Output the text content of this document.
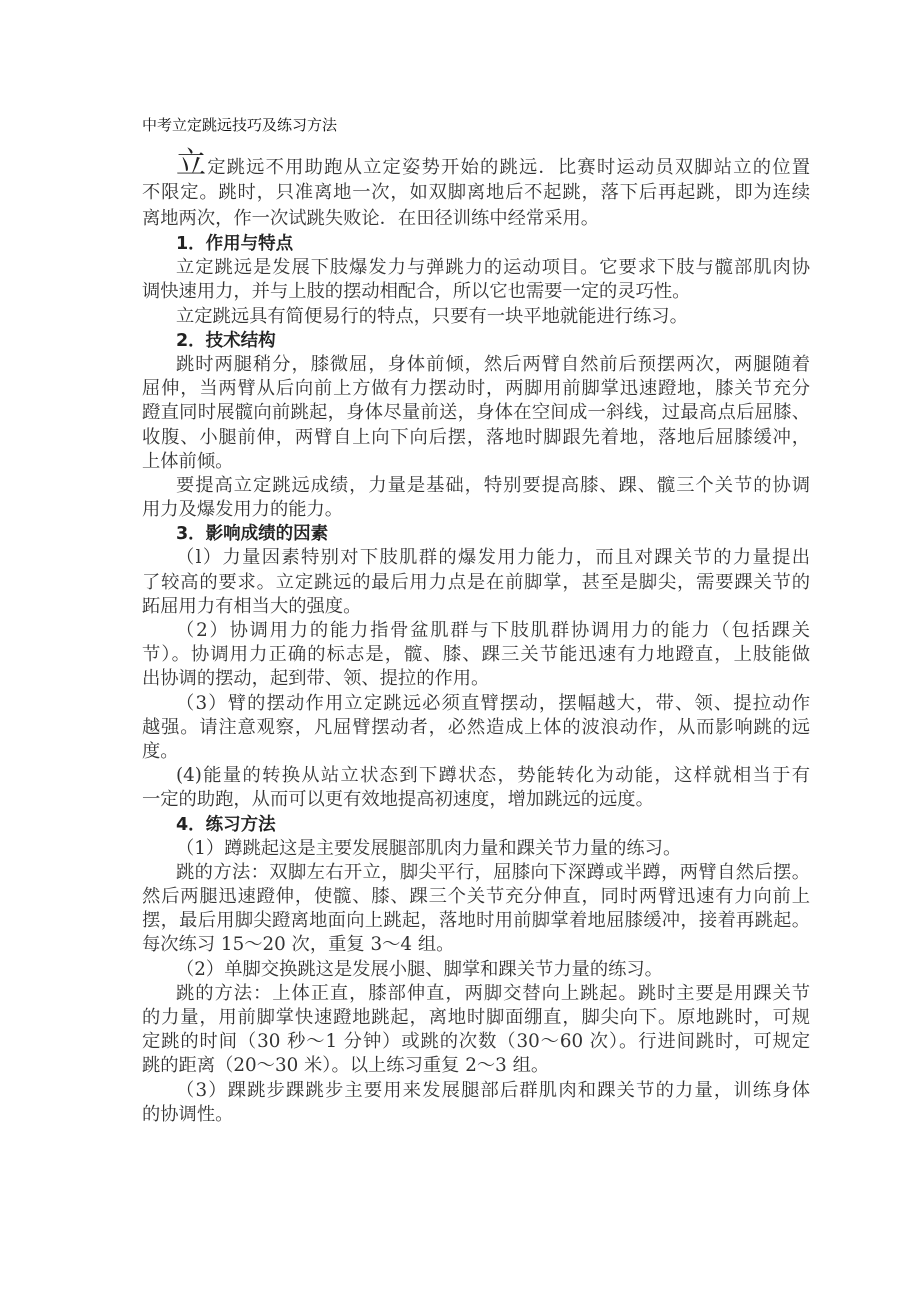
中考立定跳远技巧及练习方法
立定跳远不用助跑从立定姿势开始的跳远．比赛时运动员双脚站立的位置
不限定。跳时，只准离地一次，如双脚离地后不起跳，落下后再起跳，即为连续
离地两次，作一次试跳失败论．在田径训练中经常采用。
1．作用与特点
立定跳远是发展下肢爆发力与弹跳力的运动项目。它要求下肢与髋部肌肉协
调快速用力，并与上肢的摆动相配合，所以它也需要一定的灵巧性。
立定跳远具有简便易行的特点，只要有一块平地就能进行练习。
2．技术结构
跳时两腿稍分，膝微屈，身体前倾，然后两臂自然前后预摆两次，两腿随着
屈伸，当两臂从后向前上方做有力摆动时，两脚用前脚掌迅速蹬地，膝关节充分
蹬直同时展髋向前跳起，身体尽量前送，身体在空间成一斜线，过最高点后屈膝、
收腹、小腿前伸，两臂自上向下向后摆，落地时脚跟先着地，落地后屈膝缓冲，
上体前倾。
要提高立定跳远成绩，力量是基础，特别要提高膝、踝、髋三个关节的协调
用力及爆发用力的能力。
3．影响成绩的因素
（l）力量因素特别对下肢肌群的爆发用力能力，而且对踝关节的力量提出
了较高的要求。立定跳远的最后用力点是在前脚掌，甚至是脚尖，需要踝关节的
跖屈用力有相当大的强度。
（2）协调用力的能力指骨盆肌群与下肢肌群协调用力的能力（包括踝关
节）。协调用力正确的标志是，髋、膝、踝三关节能迅速有力地蹬直，上肢能做
出协调的摆动，起到带、领、提拉的作用。
（3）臂的摆动作用立定跳远必须直臂摆动，摆幅越大，带、领、提拉动作
越强。请注意观察，凡屈臂摆动者，必然造成上体的波浪动作，从而影响跳的远
度。
(4)能量的转换从站立状态到下蹲状态，势能转化为动能，这样就相当于有
一定的助跑，从而可以更有效地提高初速度，增加跳远的远度。
4．练习方法
（1）蹲跳起这是主要发展腿部肌肉力量和踝关节力量的练习。
跳的方法：双脚左右开立，脚尖平行，屈膝向下深蹲或半蹲，两臂自然后摆。
然后两腿迅速蹬伸，使髋、膝、踝三个关节充分伸直，同时两臂迅速有力向前上
摆，最后用脚尖蹬离地面向上跳起，落地时用前脚掌着地屈膝缓冲，接着再跳起。
每次练习 15～20 次，重复 3～4 组。
（2）单脚交换跳这是发展小腿、脚掌和踝关节力量的练习。
跳的方法：上体正直，膝部伸直，两脚交替向上跳起。跳时主要是用踝关节
的力量，用前脚掌快速蹬地跳起，离地时脚面绷直，脚尖向下。原地跳时，可规
定跳的时间（30 秒～1 分钟）或跳的次数（30～60 次）。行进间跳时，可规定
跳的距离（20～30 米）。以上练习重复 2～3 组。
（3）踝跳步踝跳步主要用来发展腿部后群肌肉和踝关节的力量，训练身体
的协调性。
